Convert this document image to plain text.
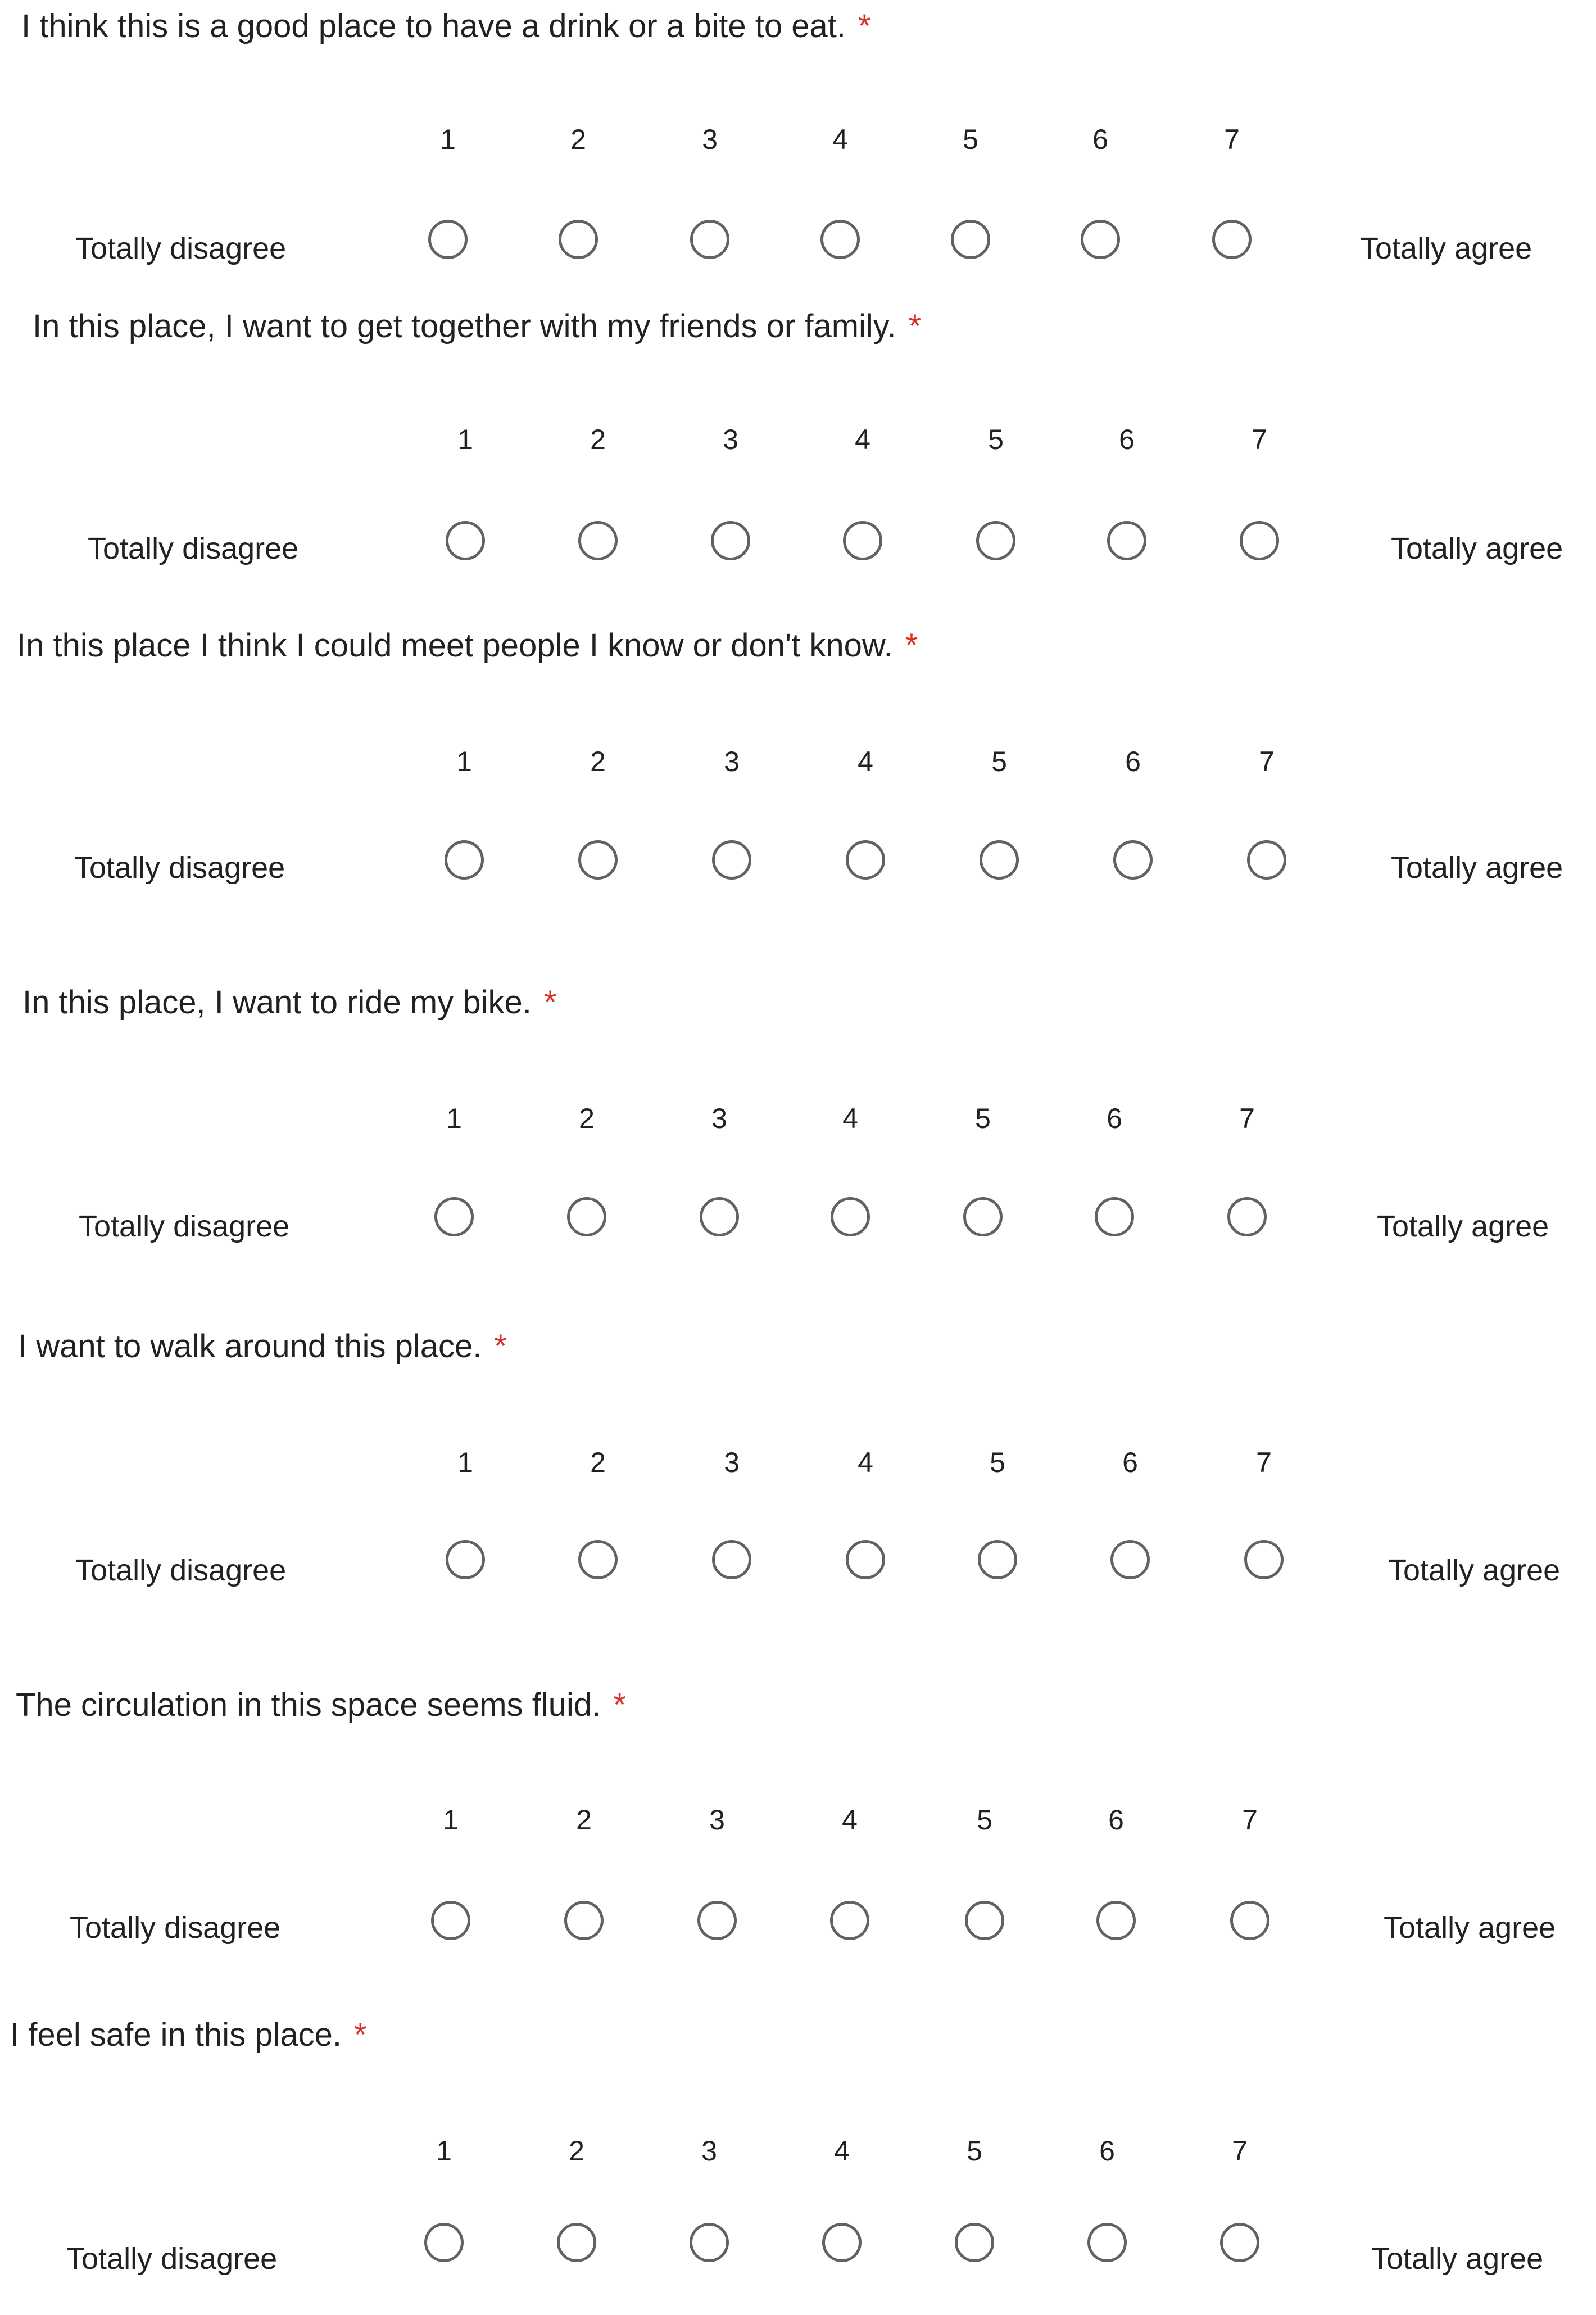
I think this is a good place to have a drink or a bite to eat. *
1	2	3	4	5	6	7
Totally disagree	Totally agree
In this place, I want to get together with my friends or family. *
1	2	3	4	5	6	7
Totally disagree	Totally agree
In this place I think I could meet people I know or don't know. *
1	2	3	4	5	6	7
Totally disagree	Totally agree
In this place, I want to ride my bike. *
1	2	3	4	5	6	7
Totally disagree	Totally agree
I want to walk around this place. *
1	2	3	4	5	6	7
Totally disagree	Totally agree
The circulation in this space seems fluid. *
1	2	3	4	5	6	7
Totally disagree	Totally agree
I feel safe in this place. *
1	2	3	4	5	6	7
Totally disagree	Totally agree
